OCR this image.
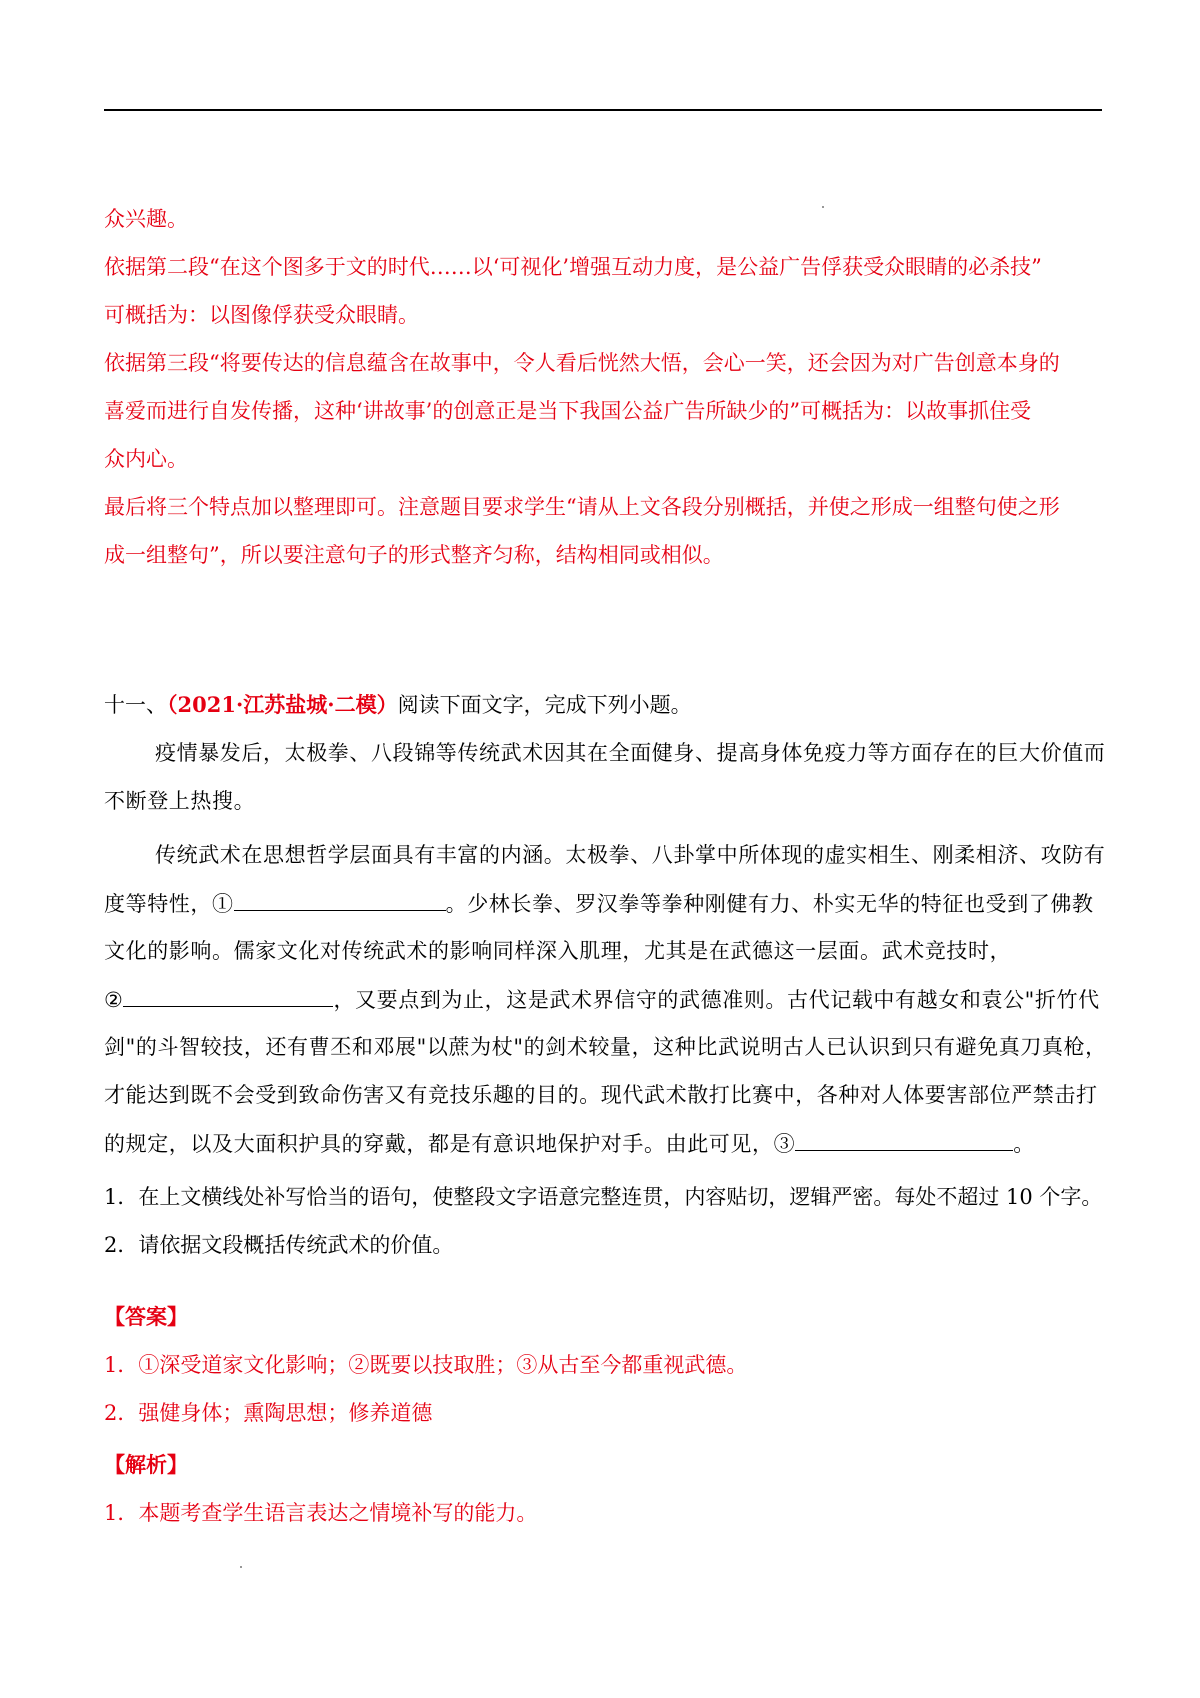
众兴趣。
依据第二段“在这个图多于文的时代……以‘可视化’增强互动力度，是公益广告俘获受众眼睛的必杀技”
可概括为：以图像俘获受众眼睛。
依据第三段“将要传达的信息蕴含在故事中，令人看后恍然大悟，会心一笑，还会因为对广告创意本身的
喜爱而进行自发传播，这种‘讲故事’的创意正是当下我国公益广告所缺少的”可概括为：以故事抓住受
众内心。
最后将三个特点加以整理即可。注意题目要求学生“请从上文各段分别概括，并使之形成一组整句使之形
成一组整句”，所以要注意句子的形式整齐匀称，结构相同或相似。
十一、（2021·江苏盐城·二模）阅读下面文字，完成下列小题。
疫情暴发后，太极拳、八段锦等传统武术因其在全面健身、提高身体免疫力等方面存在的巨大价值而
不断登上热搜。
传统武术在思想哲学层面具有丰富的内涵。太极拳、八卦掌中所体现的虚实相生、刚柔相济、攻防有
度等特性，①	。少林长拳、罗汉拳等拳种刚健有力、朴实无华的特征也受到了佛教
文化的影响。儒家文化对传统武术的影响同样深入肌理，尤其是在武德这一层面。武术竞技时，
②	，又要点到为止，这是武术界信守的武德准则。古代记载中有越女和袁公"折竹代
剑"的斗智较技，还有曹丕和邓展"以蔗为杖"的剑术较量，这种比武说明古人已认识到只有避免真刀真枪，
才能达到既不会受到致命伤害又有竞技乐趣的目的。现代武术散打比赛中，各种对人体要害部位严禁击打
的规定，以及大面积护具的穿戴，都是有意识地保护对手。由此可见，③	。
1．在上文横线处补写恰当的语句，使整段文字语意完整连贯，内容贴切，逻辑严密。每处不超过 10 个字。
2．请依据文段概括传统武术的价值。
【答案】
1．①深受道家文化影响；②既要以技取胜；③从古至今都重视武德。
2．强健身体；熏陶思想；修养道德
【解析】
1．本题考查学生语言表达之情境补写的能力。
